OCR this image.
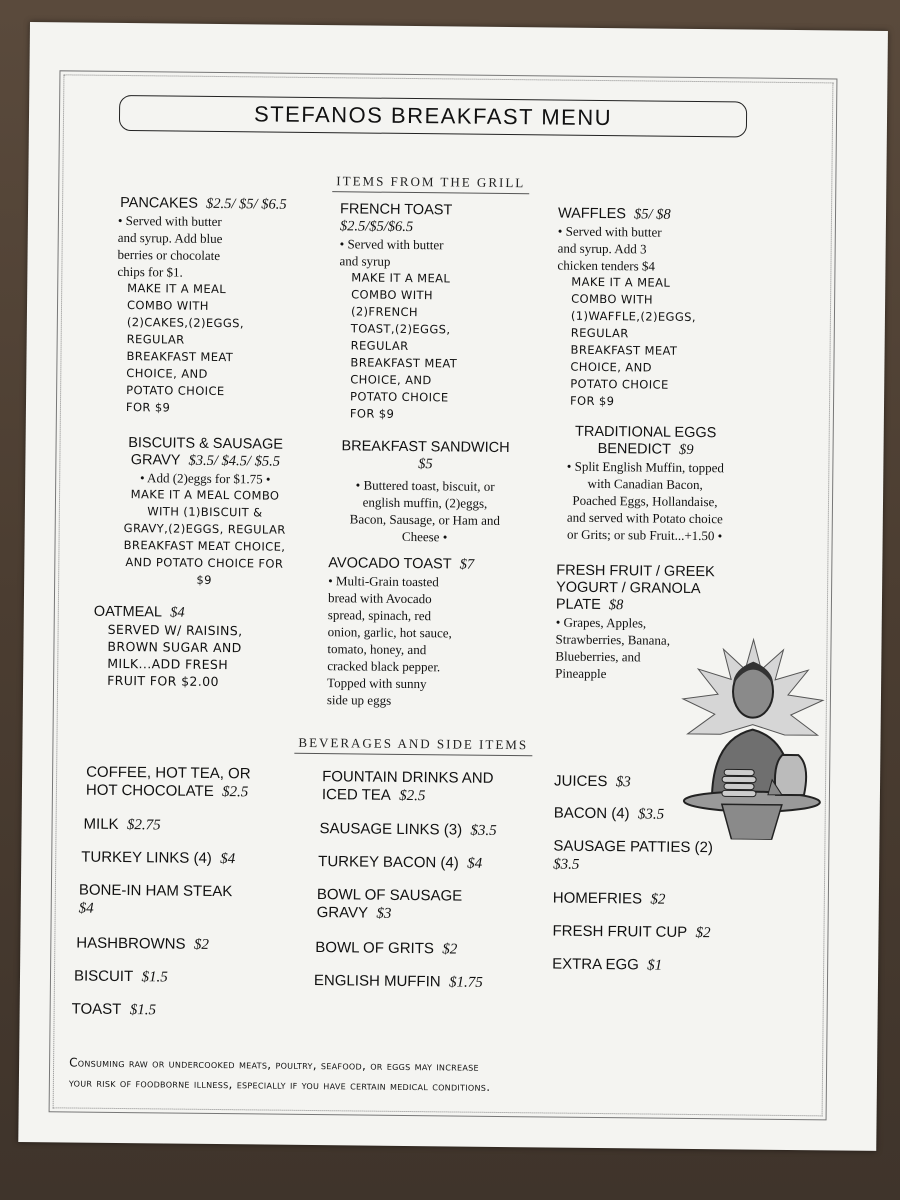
STEFANOS BREAKFAST MENU
ITEMS FROM THE GRILL
PANCAKES $2.5/ $5/ $6.5
• Served with butter
and syrup. Add blue
berries or chocolate
chips for $1.
MAKE IT A MEAL
COMBO WITH
(2)CAKES,(2)EGGS,
REGULAR
BREAKFAST MEAT
CHOICE, AND
POTATO CHOICE
FOR $9
FRENCH TOAST
$2.5/$5/$6.5
• Served with butter
and syrup
MAKE IT A MEAL
COMBO WITH
(2)FRENCH
TOAST,(2)EGGS,
REGULAR
BREAKFAST MEAT
CHOICE, AND
POTATO CHOICE
FOR $9
WAFFLES $5/ $8
• Served with butter
and syrup. Add 3
chicken tenders $4
MAKE IT A MEAL
COMBO WITH
(1)WAFFLE,(2)EGGS,
REGULAR
BREAKFAST MEAT
CHOICE, AND
POTATO CHOICE
FOR $9
BISCUITS & SAUSAGE
GRAVY $3.5/ $4.5/ $5.5
• Add (2)eggs for $1.75 •
MAKE IT A MEAL COMBO
WITH (1)BISCUIT &
GRAVY,(2)EGGS, REGULAR
BREAKFAST MEAT CHOICE,
AND POTATO CHOICE FOR
$9
BREAKFAST SANDWICH
$5
• Buttered toast, biscuit, or
english muffin, (2)eggs,
Bacon, Sausage, or Ham and
Cheese •
TRADITIONAL EGGS
BENEDICT $9
• Split English Muffin, topped
with Canadian Bacon,
Poached Eggs, Hollandaise,
and served with Potato choice
or Grits; or sub Fruit...+1.50 •
OATMEAL $4
SERVED W/ RAISINS,
BROWN SUGAR AND
MILK...ADD FRESH
FRUIT FOR $2.00
AVOCADO TOAST $7
• Multi-Grain toasted
bread with Avocado
spread, spinach, red
onion, garlic, hot sauce,
tomato, honey, and
cracked black pepper.
Topped with sunny
side up eggs
FRESH FRUIT / GREEK
YOGURT / GRANOLA
PLATE $8
• Grapes, Apples,
Strawberries, Banana,
Blueberries, and
Pineapple
BEVERAGES AND SIDE ITEMS
COFFEE, HOT TEA, OR
HOT CHOCOLATE $2.5
MILK $2.75
TURKEY LINKS (4) $4
BONE-IN HAM STEAK
$4
HASHBROWNS $2
BISCUIT $1.5
TOAST $1.5
FOUNTAIN DRINKS AND
ICED TEA $2.5
SAUSAGE LINKS (3) $3.5
TURKEY BACON (4) $4
BOWL OF SAUSAGE
GRAVY $3
BOWL OF GRITS $2
ENGLISH MUFFIN $1.75
JUICES $3
BACON (4) $3.5
SAUSAGE PATTIES (2)
$3.5
HOMEFRIES $2
FRESH FRUIT CUP $2
EXTRA EGG $1
Consuming raw or undercooked meats, poultry, seafood, or eggs may increase
your risk of foodborne illness, especially if you have certain medical conditions.
